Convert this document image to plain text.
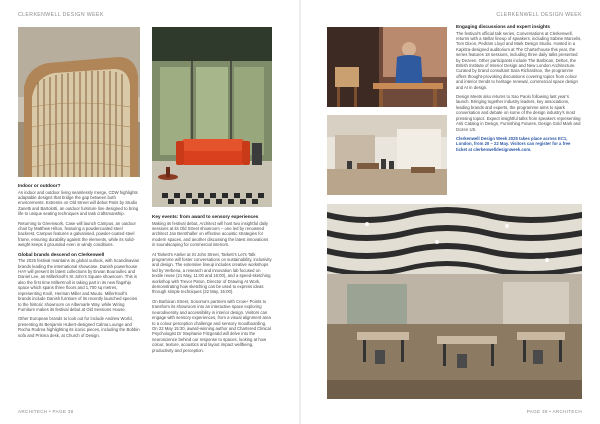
CLERKENWELL DESIGN WEEK
Indoor or outdoor?

As indoor and outdoor living seamlessly merge, CDW highlights adaptable designs that bridge the gap between both environments. Extremis on Old Street will debut Paris by Studio Zanetti and Bartolotti, an outdoor furniture line designed to bring life to unique seating techniques and task craftsmanship.

Returning to Greenwork, Case will launch Campus, an outdoor chair by Matthew Hilton, featuring a powdercoated steel backrest. Campus features a galvanised, powder-coated steel frame, ensuring durability against the elements, while its solid-weight keeps it grounded even in windy conditions.

Global brands descend on Clerkenwell

The 2025 festival maintains its global outlook, with Scandinavian brands leading the international showcase. Danish powerhouse HAY will present its latest collections by Erwan Bouroullec and Daniel Lee, as Millerknoll’s St John’s Square showroom. This is also the first time MillerKnoll is taking part in its new flagship space which spans three floors and 1,700 sq metres, representing Knoll, Herman Miller and Muuto. MillerKnoll’s brands include Danish furniture of its recently launched species to the historic showroom on Albemarle Way, while Wiring Furniture makes its festival debut at Old Sessions House.

Other European brands to look out for include Andrew World, presenting its Benjamin Hubert-designed Calma Lounge and Rocha Rodrea highlighting its iconic pieces, including the Bobbin sofa and Prisma desk, at Church of Design.

Key events: from award to sensory experiences

Making its festival debut, Architect will host two insightful daily sessions at its Old Street showroom – one led by renowned architect Jan Bernthaller on effective acoustic strategies for modern spaces, and another discussing the latest innovations in soundscaping for commercial interiors.

At Tarkett’s Atelier at St John Street, Tarkett’s Let’s Talk programme will foster conversations on sustainability, inclusivity and design. The extensive lineup includes creative workshops led by Verbena, a research and innovation lab focused on textile reuse (21 May, 11:00 and 16:00), and a speed-sketching workshop with Trevor Paton, Director of Drawing At Work, demonstrating how sketching can be used to express ideas through simple techniques (22 May, 15:00).

On Barbican Street, Sonoma’s partners with Crow+ Points to transform its showroom into an interactive space exploring neurodiversity and accessibility in interior design. Visitors can engage with sensory experiences, from a visual alignment area to a colour perception challenge and sensory moodboarding. On 22 May 15:30, award-winning author and Chartered Clinical Psychologist Dr Stephanie Fitzgerald will delve into the neuroscience behind our response to spaces, looking at how colour, texture, acoustics and layout impact wellbeing, productivity and perception.

ARCHITECH • PAGE 38
CLERKENWELL DESIGN WEEK
Engaging discussions and expert insights

The festival’s official talk series, Conversations at Clerkenwell, returns with a stellar lineup of speakers, including Sabine Marcelis, Tom Dixon, Pedram Lloyd and Mark Design Studio. Hosted in a Kapitza-designed auditorium at The Charterhouse this year, the series features 18 sessions, including three daily talks presented by Dezeen. Other participants include The Barbican, Deltos, the British Institute of Interior Design and New London Architecture. Curated by brand consultant Sara Richardson, the programme offers thought-provoking discussions covering topics from colour and interior trends to heritage renewal, commercial space design and AI in design.

Design Meets also returns to Sao Paolo following last year’s launch. Bringing together industry leaders, key associations, leading brands and experts, the programme aims to spark conversation and debate on some of the design industry’s most pressing topics. Expect insightful talks from speakers representing Anti Catalog in Design, Furnishing Futures, Design Gold Mark and Dozen US.

Clerkenwell Design Week 2025 takes place across EC1, London, from 20 – 22 May. Visitors can register for a free ticket at clerkenwelldesignweek.com.

PAGE 39 • ARCHITECH
